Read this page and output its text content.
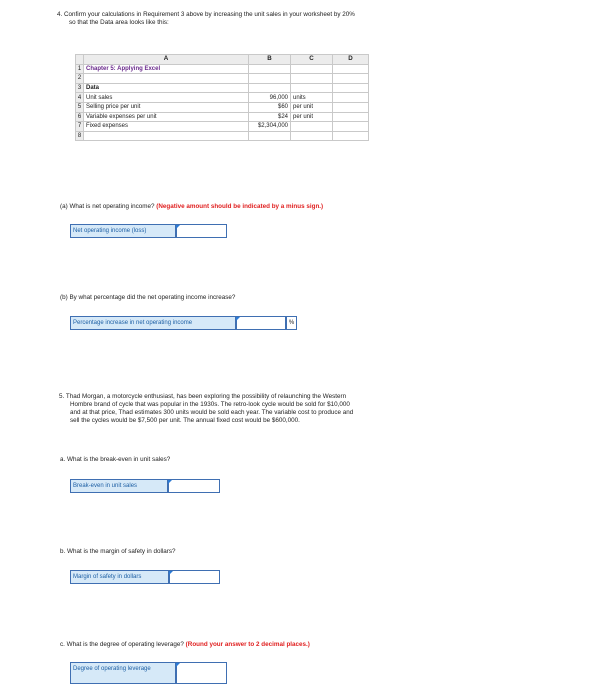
4. Confirm your calculations in Requirement 3 above by increasing the unit sales in your worksheet by 20%
so that the Data area looks like this:
	A	B	C	D
1	Chapter 5: Applying Excel			
2				
3	Data			
4	Unit sales	96,000	units	
5	Selling price per unit	$60	per unit	
6	Variable expenses per unit	$24	per unit	
7	Fixed expenses	$2,304,000		
8				
(a) What is net operating income? (Negative amount should be indicated by a minus sign.)
Net operating income (loss)
(b) By what percentage did the net operating income increase?
Percentage increase in net operating income	%
5. Thad Morgan, a motorcycle enthusiast, has been exploring the possibility of relaunching the Western
Hombre brand of cycle that was popular in the 1930s. The retro-look cycle would be sold for $10,000
and at that price, Thad estimates 300 units would be sold each year. The variable cost to produce and
sell the cycles would be $7,500 per unit. The annual fixed cost would be $600,000.
a. What is the break-even in unit sales?
Break-even in unit sales
b. What is the margin of safety in dollars?
Margin of safety in dollars
c. What is the degree of operating leverage? (Round your answer to 2 decimal places.)
Degree of operating leverage
